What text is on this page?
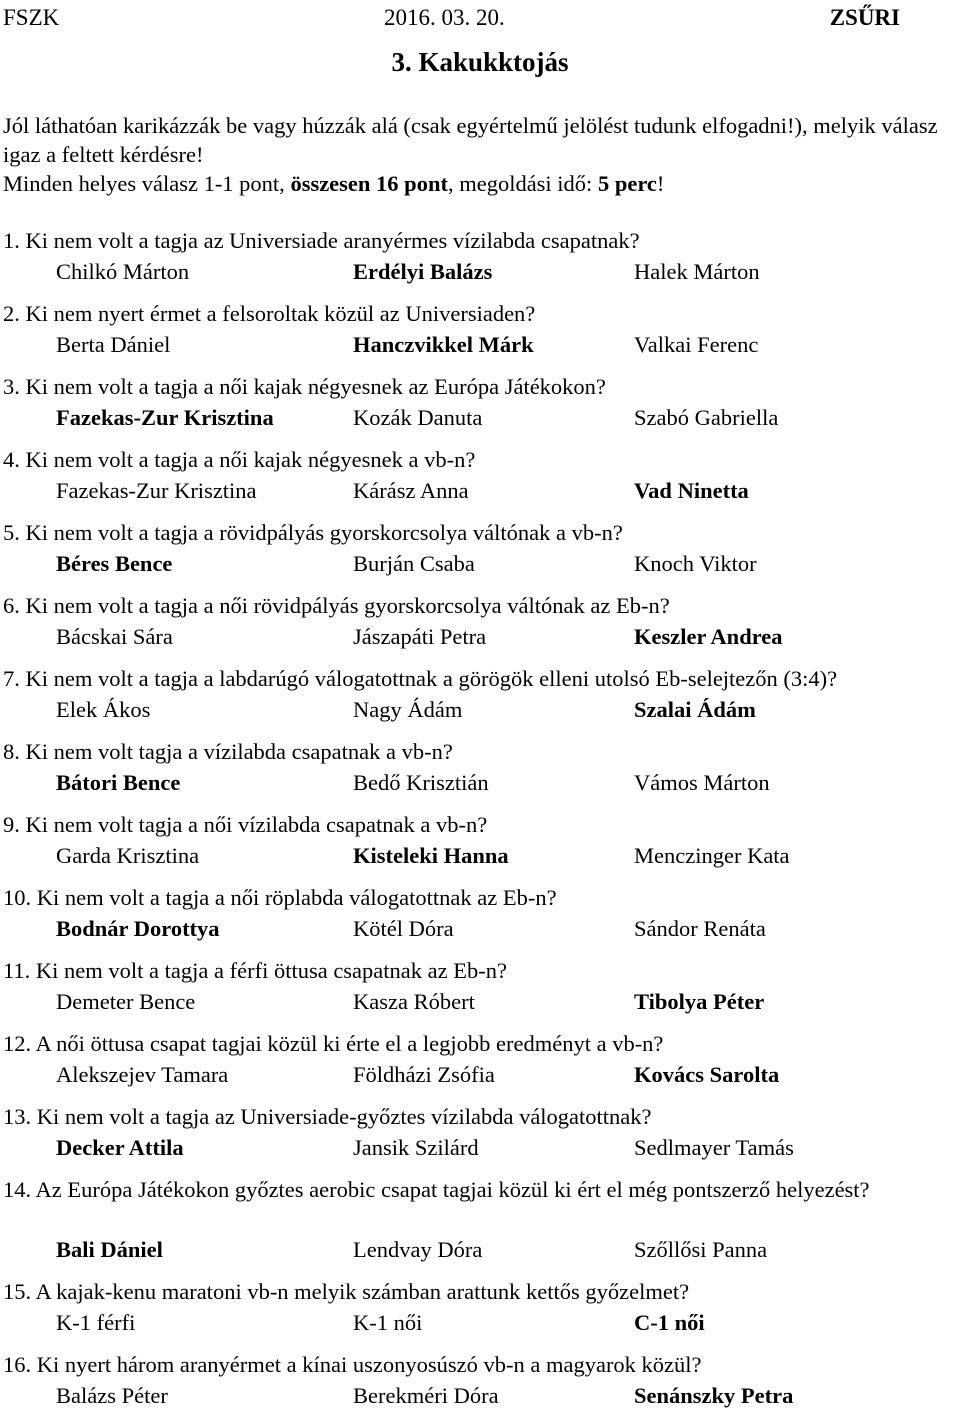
FSZK	2016. 03. 20.	ZSŰRI
3. Kakukktojás

Jól láthatóan karikázzák be vagy húzzák alá (csak egyértelmű jelölést tudunk elfogadni!), melyik válasz igaz a feltett kérdésre!

Minden helyes válasz 1-1 pont, összesen 16 pont, megoldási idő: 5 perc!

1. Ki nem volt a tagja az Universiade aranyérmes vízilabda csapatnak?
Chilkó Márton	Erdélyi Balázs	Halek Márton
2. Ki nem nyert érmet a felsoroltak közül az Universiaden?
Berta Dániel	Hanczvikkel Márk	Valkai Ferenc
3. Ki nem volt a tagja a női kajak négyesnek az Európa Játékokon?
Fazekas-Zur Krisztina	Kozák Danuta	Szabó Gabriella
4. Ki nem volt a tagja a női kajak négyesnek a vb-n?
Fazekas-Zur Krisztina	Kárász Anna	Vad Ninetta
5. Ki nem volt a tagja a rövidpályás gyorskorcsolya váltónak a vb-n?
Béres Bence	Burján Csaba	Knoch Viktor
6. Ki nem volt a tagja a női rövidpályás gyorskorcsolya váltónak az Eb-n?
Bácskai Sára	Jászapáti Petra	Keszler Andrea
7. Ki nem volt a tagja a labdarúgó válogatottnak a görögök elleni utolsó Eb-selejtezőn (3:4)?
Elek Ákos	Nagy Ádám	Szalai Ádám
8. Ki nem volt tagja a vízilabda csapatnak a vb-n?
Bátori Bence	Bedő Krisztián	Vámos Márton
9. Ki nem volt tagja a női vízilabda csapatnak a vb-n?
Garda Krisztina	Kisteleki Hanna	Menczinger Kata
10. Ki nem volt a tagja a női röplabda válogatottnak az Eb-n?
Bodnár Dorottya	Kötél Dóra	Sándor Renáta
11. Ki nem volt a tagja a férfi öttusa csapatnak az Eb-n?
Demeter Bence	Kasza Róbert	Tibolya Péter
12. A női öttusa csapat tagjai közül ki érte el a legjobb eredményt a vb-n?
Alekszejev Tamara	Földházi Zsófia	Kovács Sarolta
13. Ki nem volt a tagja az Universiade-győztes vízilabda válogatottnak?
Decker Attila	Jansik Szilárd	Sedlmayer Tamás
14. Az Európa Játékokon győztes aerobic csapat tagjai közül ki ért el még pontszerző helyezést?
Bali Dániel	Lendvay Dóra	Szőllősi Panna
15. A kajak-kenu maratoni vb-n melyik számban arattunk kettős győzelmet?
K-1 férfi	K-1 női	C-1 női
16. Ki nyert három aranyérmet a kínai uszonyosúszó vb-n a magyarok közül?
Balázs Péter	Berekméri Dóra	Senánszky Petra
